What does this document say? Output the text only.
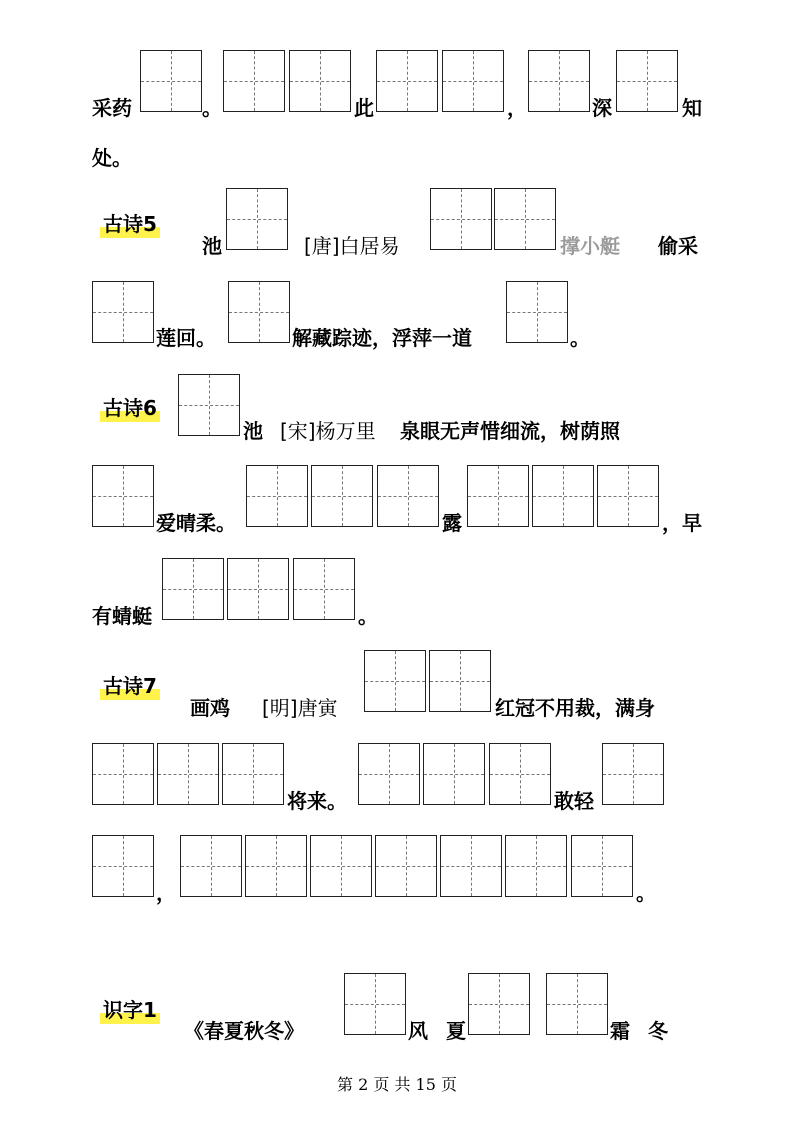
采药	。	此	，	深	知
处。
古诗5
池	[唐]白居易	撑小艇 偷采
莲回。	解藏踪迹，浮萍一道	。
古诗6
池 [宋]杨万里 泉眼无声惜细流，树荫照
爱晴柔。	露	，早
有蜻蜓	。
古诗7
画鸡 [明]唐寅	红冠不用裁，满身
将来。	敢轻
，	。
识字1
《春夏秋冬》	风 夏	霜 冬
第 2 页 共 15 页
